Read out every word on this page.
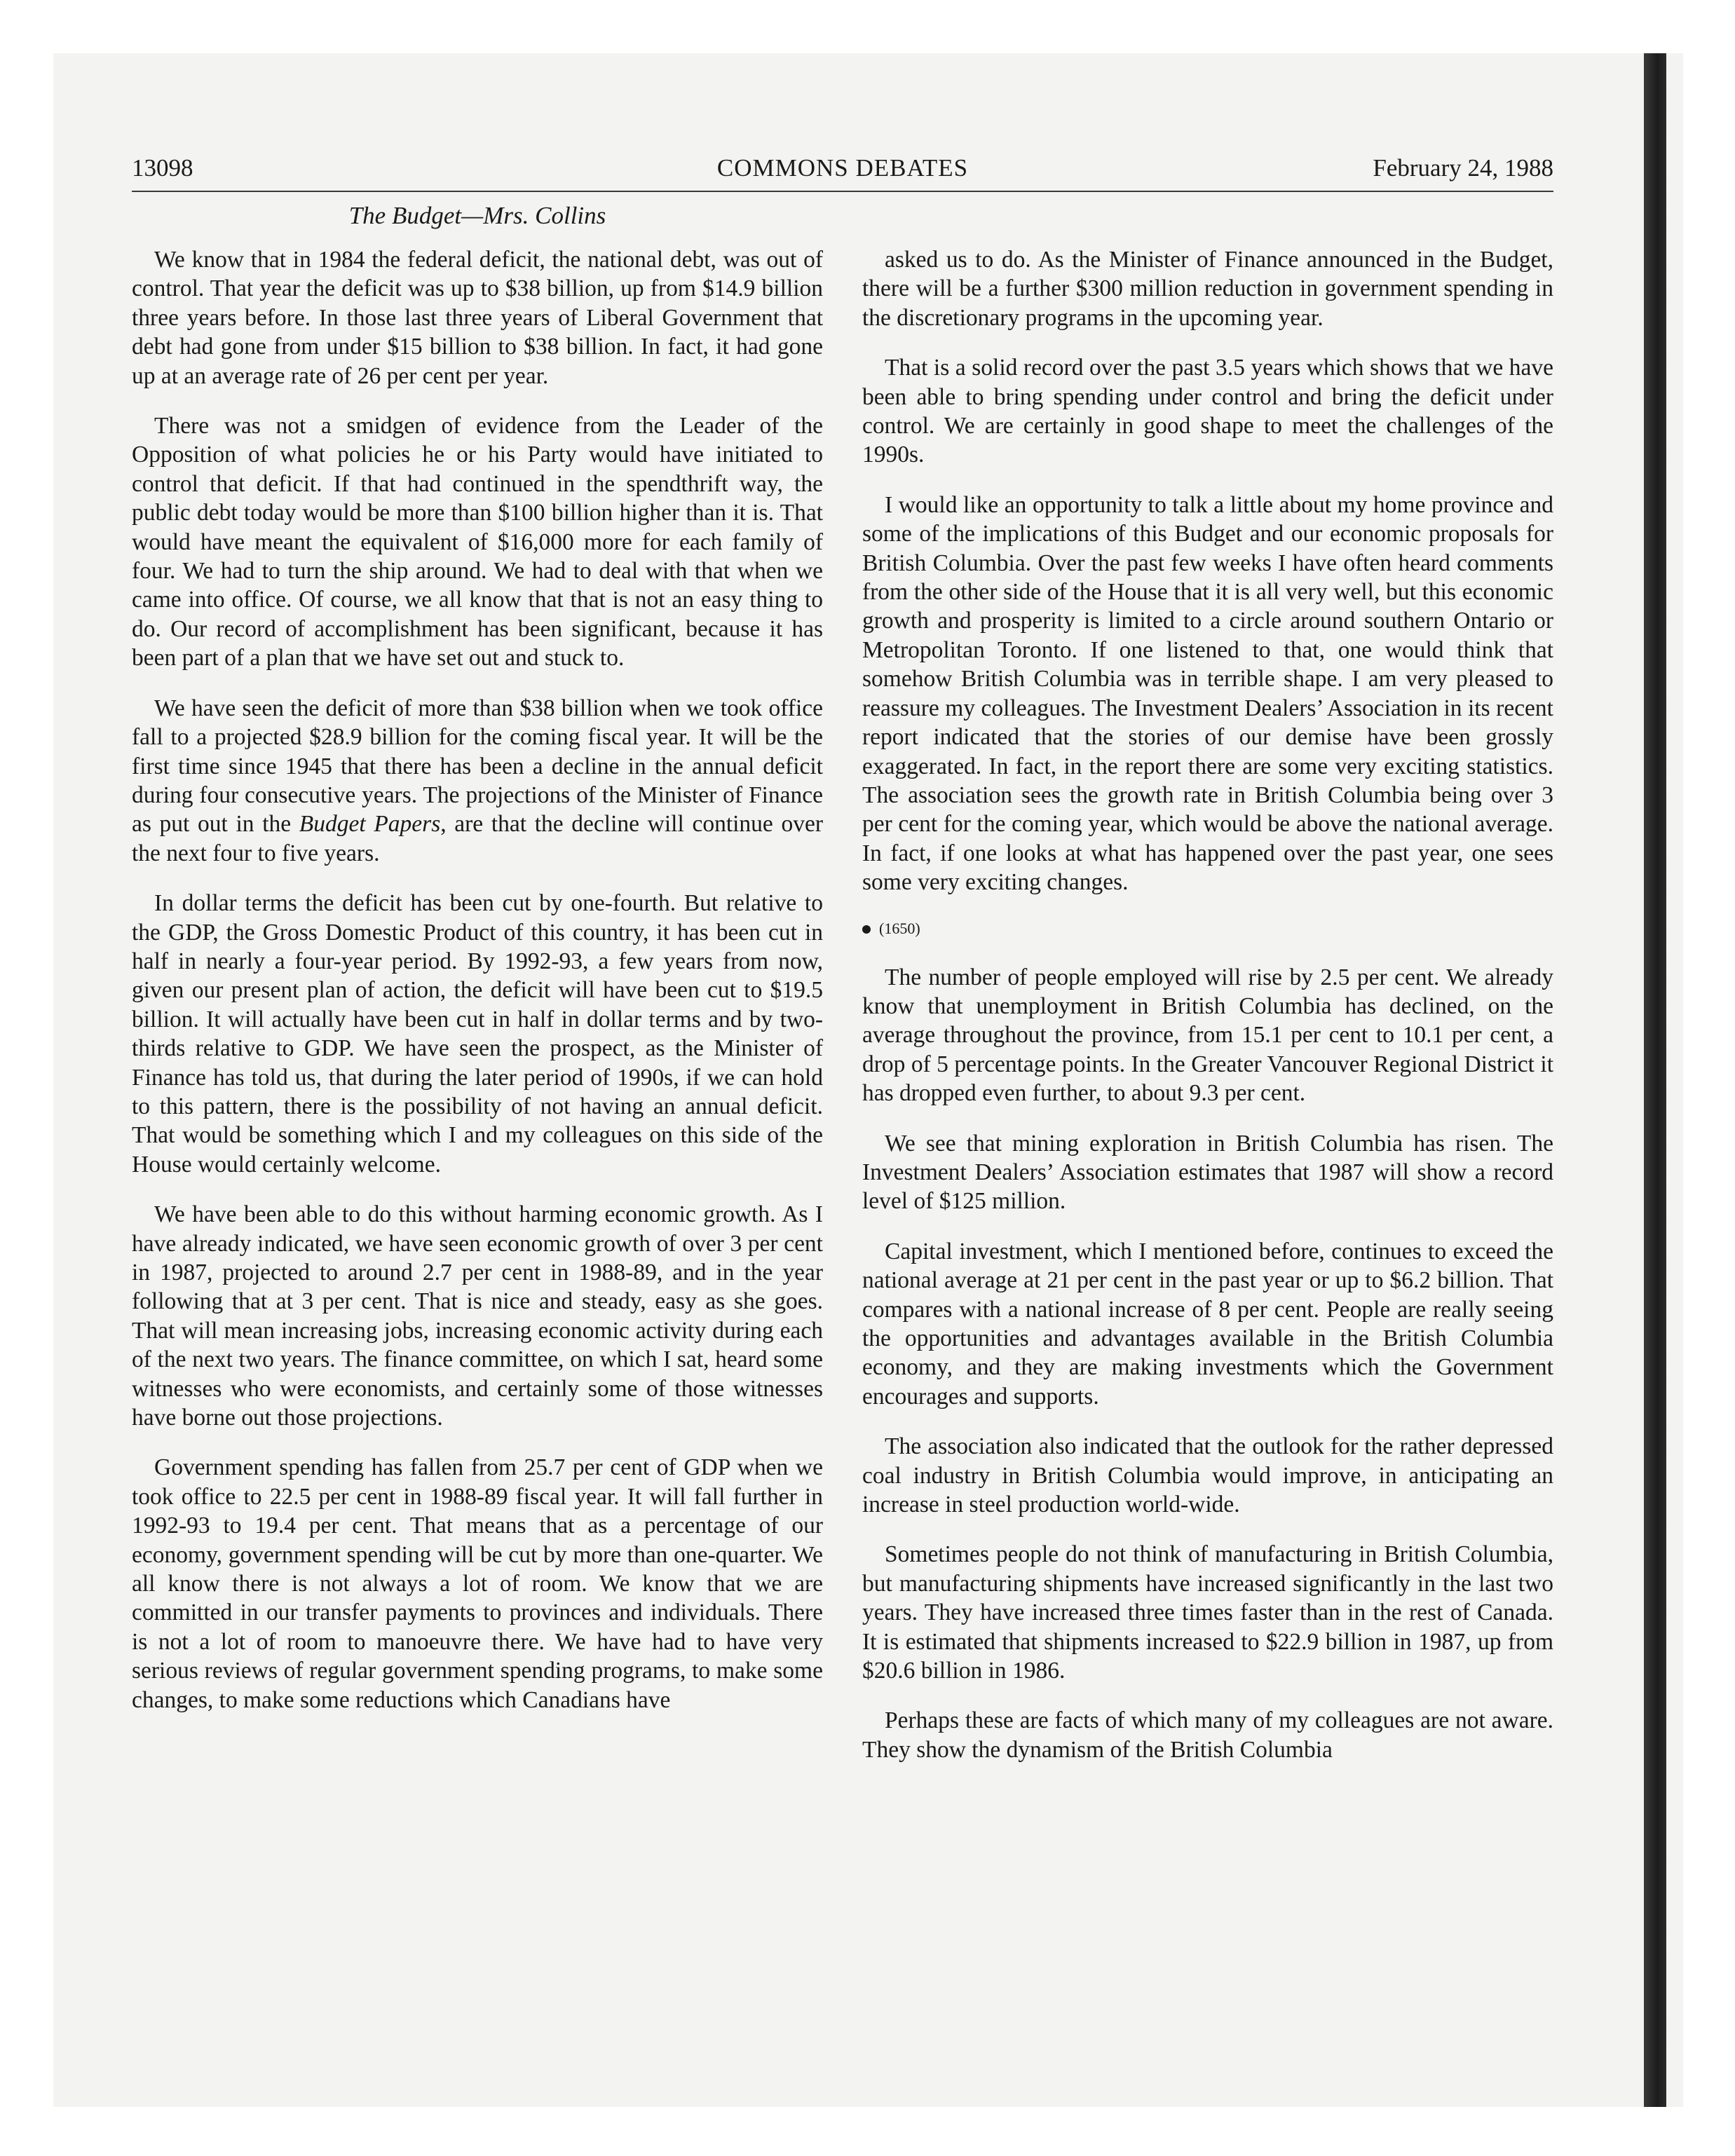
13098	COMMONS DEBATES	February 24, 1988
The Budget—Mrs. Collins

We know that in 1984 the federal deficit, the national debt, was out of control. That year the deficit was up to $38 billion, up from $14.9 billion three years before. In those last three years of Liberal Government that debt had gone from under $15 billion to $38 billion. In fact, it had gone up at an average rate of 26 per cent per year.

There was not a smidgen of evidence from the Leader of the Opposition of what policies he or his Party would have initiated to control that deficit. If that had continued in the spendthrift way, the public debt today would be more than $100 billion higher than it is. That would have meant the equivalent of $16,000 more for each family of four. We had to turn the ship around. We had to deal with that when we came into office. Of course, we all know that that is not an easy thing to do. Our record of accomplishment has been significant, because it has been part of a plan that we have set out and stuck to.

We have seen the deficit of more than $38 billion when we took office fall to a projected $28.9 billion for the coming fiscal year. It will be the first time since 1945 that there has been a decline in the annual deficit during four consecutive years. The projections of the Minister of Finance as put out in the Budget Papers, are that the decline will continue over the next four to five years.

In dollar terms the deficit has been cut by one-fourth. But relative to the GDP, the Gross Domestic Product of this country, it has been cut in half in nearly a four-year period. By 1992-93, a few years from now, given our present plan of action, the deficit will have been cut to $19.5 billion. It will actually have been cut in half in dollar terms and by two-thirds relative to GDP. We have seen the prospect, as the Minister of Finance has told us, that during the later period of 1990s, if we can hold to this pattern, there is the possibility of not having an annual deficit. That would be something which I and my colleagues on this side of the House would certainly welcome.

We have been able to do this without harming economic growth. As I have already indicated, we have seen economic growth of over 3 per cent in 1987, projected to around 2.7 per cent in 1988-89, and in the year following that at 3 per cent. That is nice and steady, easy as she goes. That will mean increasing jobs, increasing economic activity during each of the next two years. The finance committee, on which I sat, heard some witnesses who were economists, and certainly some of those witnesses have borne out those projections.

Government spending has fallen from 25.7 per cent of GDP when we took office to 22.5 per cent in 1988-89 fiscal year. It will fall further in 1992-93 to 19.4 per cent. That means that as a percentage of our economy, government spending will be cut by more than one-quarter. We all know there is not always a lot of room. We know that we are committed in our transfer payments to provinces and individuals. There is not a lot of room to manoeuvre there. We have had to have very serious reviews of regular government spending programs, to make some changes, to make some reductions which Canadians have

asked us to do. As the Minister of Finance announced in the Budget, there will be a further $300 million reduction in government spending in the discretionary programs in the upcoming year.

That is a solid record over the past 3.5 years which shows that we have been able to bring spending under control and bring the deficit under control. We are certainly in good shape to meet the challenges of the 1990s.

I would like an opportunity to talk a little about my home province and some of the implications of this Budget and our economic proposals for British Columbia. Over the past few weeks I have often heard comments from the other side of the House that it is all very well, but this economic growth and prosperity is limited to a circle around southern Ontario or Metropolitan Toronto. If one listened to that, one would think that somehow British Columbia was in terrible shape. I am very pleased to reassure my colleagues. The Investment Dealers’ Association in its recent report indicated that the stories of our demise have been grossly exaggerated. In fact, in the report there are some very exciting statistics. The association sees the growth rate in British Columbia being over 3 per cent for the coming year, which would be above the national average. In fact, if one looks at what has happened over the past year, one sees some very exciting changes.

(1650)

The number of people employed will rise by 2.5 per cent. We already know that unemployment in British Columbia has declined, on the average throughout the province, from 15.1 per cent to 10.1 per cent, a drop of 5 percentage points. In the Greater Vancouver Regional District it has dropped even further, to about 9.3 per cent.

We see that mining exploration in British Columbia has risen. The Investment Dealers’ Association estimates that 1987 will show a record level of $125 million.

Capital investment, which I mentioned before, continues to exceed the national average at 21 per cent in the past year or up to $6.2 billion. That compares with a national increase of 8 per cent. People are really seeing the opportunities and advantages available in the British Columbia economy, and they are making investments which the Government encourages and supports.

The association also indicated that the outlook for the rather depressed coal industry in British Columbia would improve, in anticipating an increase in steel production world-wide.

Sometimes people do not think of manufacturing in British Columbia, but manufacturing shipments have increased significantly in the last two years. They have increased three times faster than in the rest of Canada. It is estimated that shipments increased to $22.9 billion in 1987, up from $20.6 billion in 1986.

Perhaps these are facts of which many of my colleagues are not aware. They show the dynamism of the British Columbia
